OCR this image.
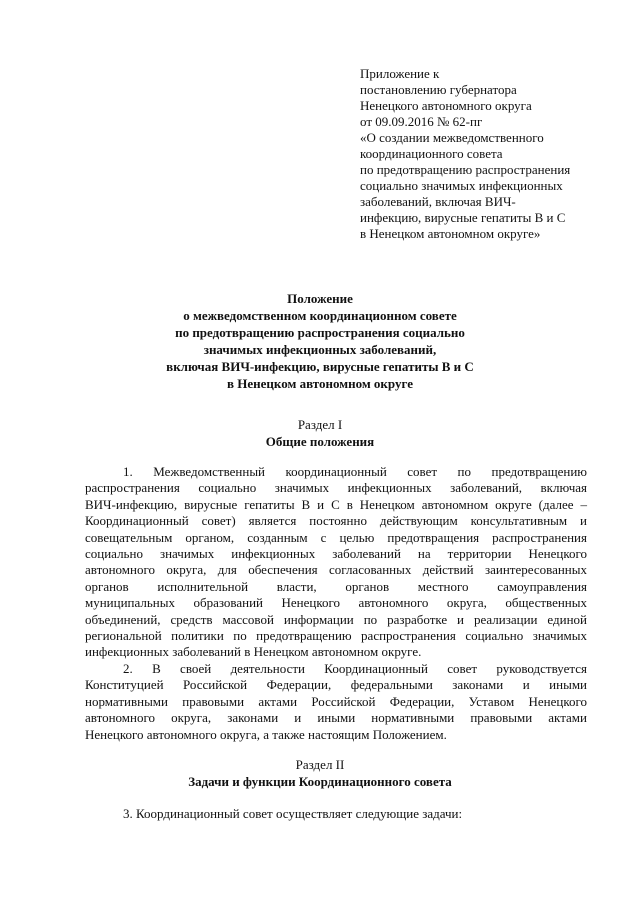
Приложение к
постановлению губернатора
Ненецкого автономного округа
от 09.09.2016 № 62-пг
«О создании межведомственного
координационного совета
по предотвращению распространения
социально значимых инфекционных
заболеваний, включая ВИЧ-
инфекцию, вирусные гепатиты В и С
в Ненецком автономном округе»
Положение
о межведомственном координационном совете
по предотвращению распространения социально
значимых инфекционных заболеваний,
включая ВИЧ-инфекцию, вирусные гепатиты В и С
в Ненецком автономном округе
Раздел I
Общие положения
1. Межведомственный координационный совет по предотвращению
распространения социально значимых инфекционных заболеваний, включая
ВИЧ-инфекцию, вирусные гепатиты В и С в Ненецком автономном округе (далее –
Координационный совет) является постоянно действующим консультативным и
совещательным органом, созданным с целью предотвращения распространения
социально значимых инфекционных заболеваний на территории Ненецкого
автономного округа, для обеспечения согласованных действий заинтересованных
органов исполнительной власти, органов местного самоуправления
муниципальных образований Ненецкого автономного округа, общественных
объединений, средств массовой информации по разработке и реализации единой
региональной политики по предотвращению распространения социально значимых
инфекционных заболеваний в Ненецком автономном округе.
2. В своей деятельности Координационный совет руководствуется
Конституцией Российской Федерации, федеральными законами и иными
нормативными правовыми актами Российской Федерации, Уставом Ненецкого
автономного округа, законами и иными нормативными правовыми актами
Ненецкого автономного округа, а также настоящим Положением.
Раздел II
Задачи и функции Координационного совета
3. Координационный совет осуществляет следующие задачи:
